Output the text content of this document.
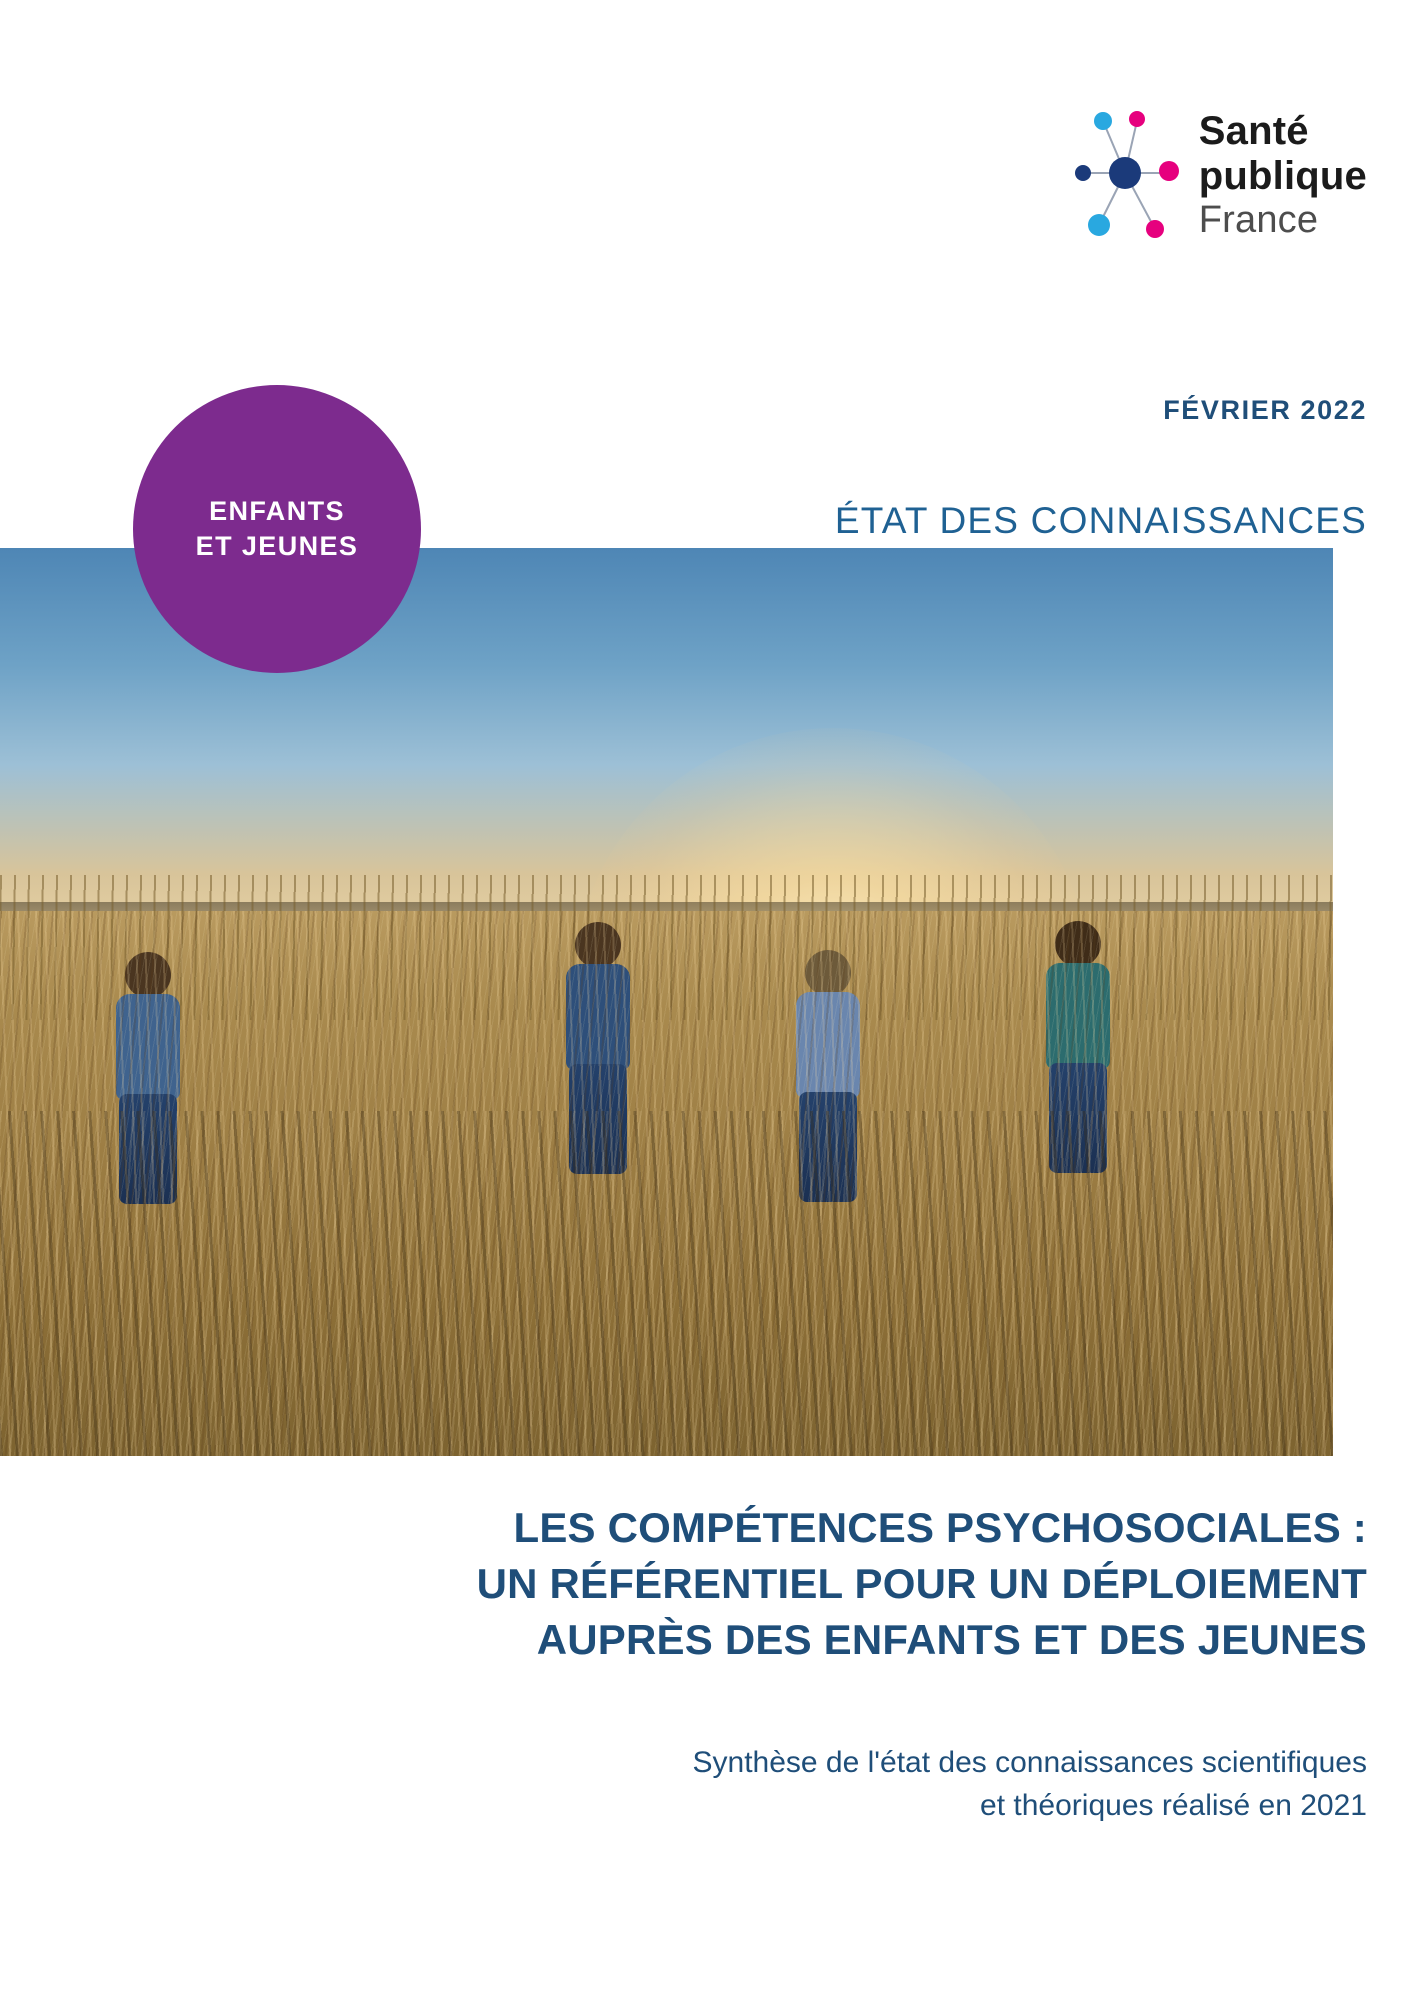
Santé
publique
France
FÉVRIER 2022
ÉTAT DES CONNAISSANCES
ENFANTS
ET JEUNES
LES COMPÉTENCES PSYCHOSOCIALES :
UN RÉFÉRENTIEL POUR UN DÉPLOIEMENT
AUPRÈS DES ENFANTS ET DES JEUNES
Synthèse de l'état des connaissances scientifiques
et théoriques réalisé en 2021
